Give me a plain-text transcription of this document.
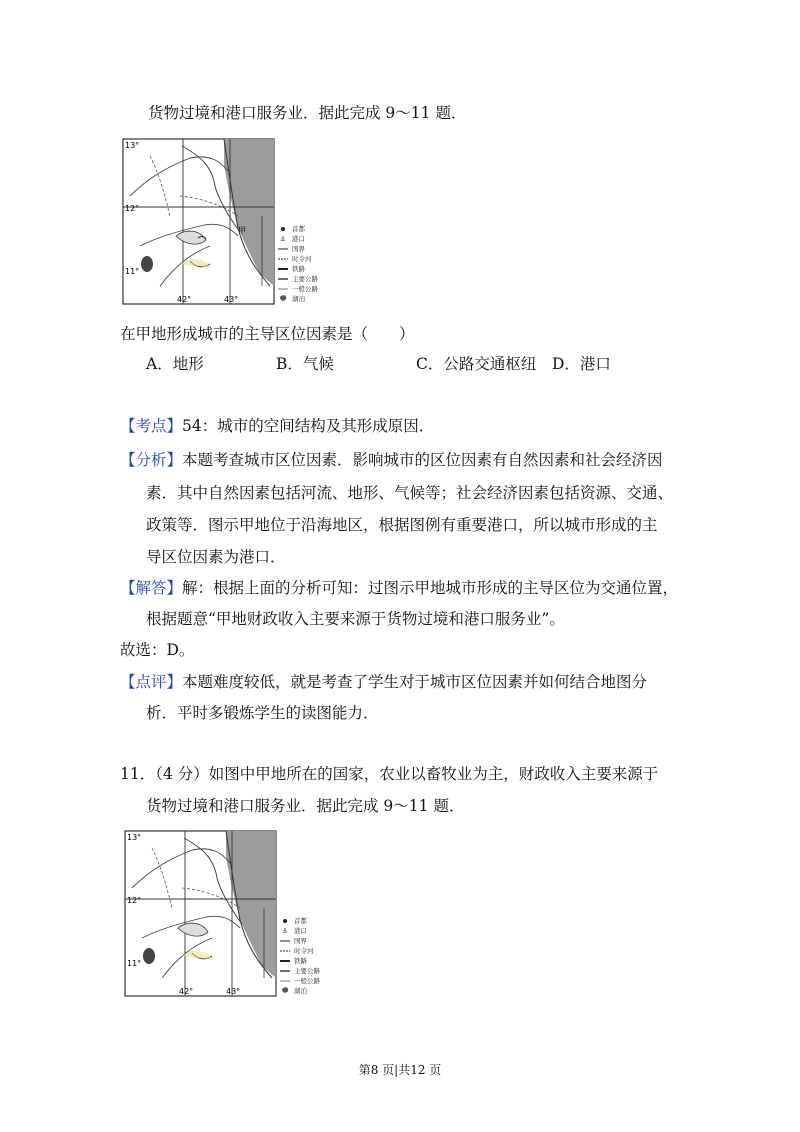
货物过境和港口服务业．据此完成 9～11 题．
13°
12°
11°
42°	43°
甲	首都
⚓ 港口
国界
时令河
铁路
主要公路
一般公路
湖泊
在甲地形成城市的主导区位因素是（　　）
A．地形	B．气候	C．公路交通枢纽 D．港口
【考点】54：城市的空间结构及其形成原因．
【分析】本题考查城市区位因素．影响城市的区位因素有自然因素和社会经济因
素．其中自然因素包括河流、地形、气候等；社会经济因素包括资源、交通、
政策等．图示甲地位于沿海地区，根据图例有重要港口，所以城市形成的主
导区位因素为港口．
【解答】解：根据上面的分析可知：过图示甲地城市形成的主导区位为交通位置，
根据题意“甲地财政收入主要来源于货物过境和港口服务业”。
故选：D。
【点评】本题难度较低，就是考查了学生对于城市区位因素并如何结合地图分
析．平时多锻炼学生的读图能力．
11．（4 分）如图中甲地所在的国家，农业以畜牧业为主，财政收入主要来源于
货物过境和港口服务业．据此完成 9～11 题．
13°
12°
11°
42°	43°
首都
⚓ 港口
国界
时令河
铁路
主要公路
一般公路
湖泊
第8 页|共12 页
